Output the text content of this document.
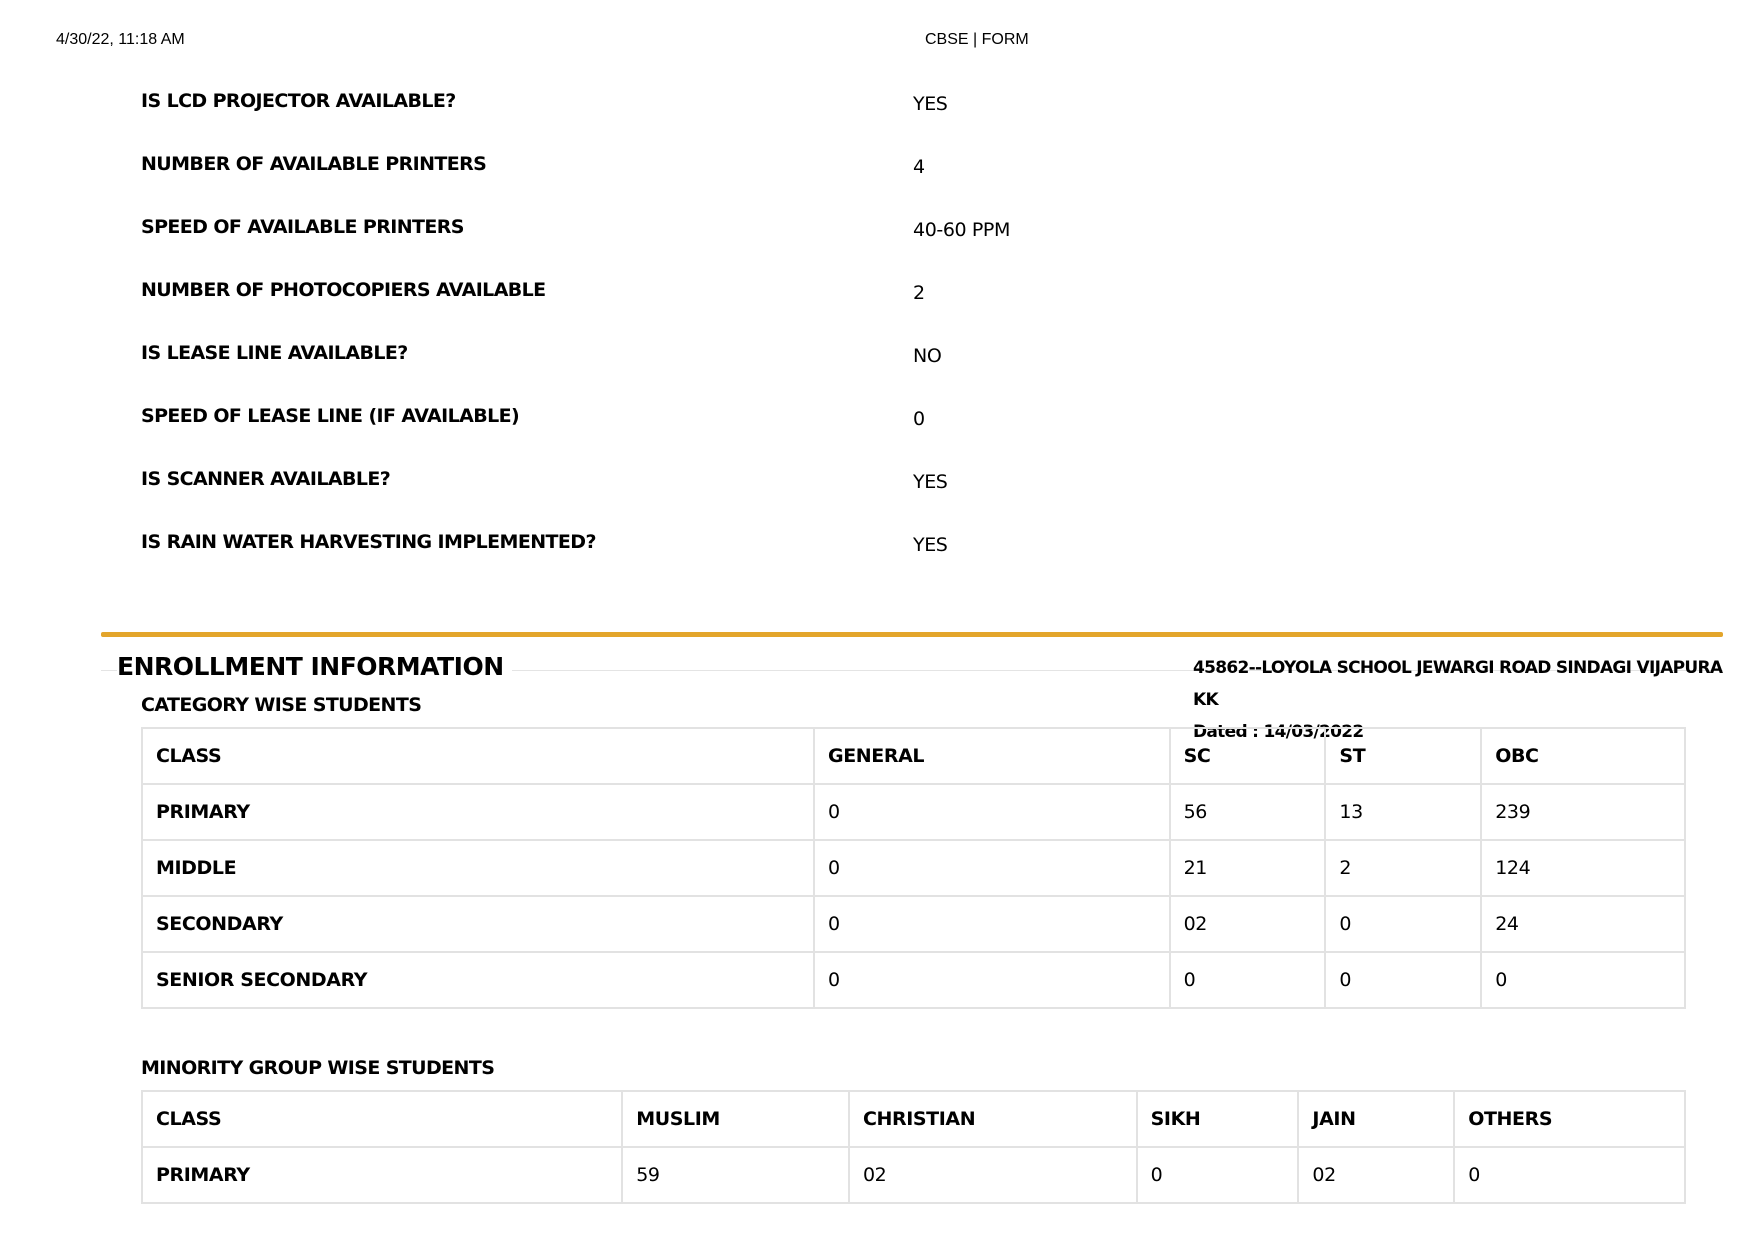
4/30/22, 11:18 AM	CBSE | FORM
IS LCD PROJECTOR AVAILABLE?	YES
NUMBER OF AVAILABLE PRINTERS	4
SPEED OF AVAILABLE PRINTERS	40-60 PPM
NUMBER OF PHOTOCOPIERS AVAILABLE	2
IS LEASE LINE AVAILABLE?	NO
SPEED OF LEASE LINE (IF AVAILABLE)	0
IS SCANNER AVAILABLE?	YES
IS RAIN WATER HARVESTING IMPLEMENTED?	YES
ENROLLMENT INFORMATION	45862--LOYOLA SCHOOL JEWARGI ROAD SINDAGI VIJAPURA KK
Dated : 14/03/2022
CATEGORY WISE STUDENTS
CLASS	GENERAL	SC	ST	OBC
PRIMARY	0	56	13	239
MIDDLE	0	21	2	124
SECONDARY	0	02	0	24
SENIOR SECONDARY	0	0	0	0
MINORITY GROUP WISE STUDENTS
CLASS	MUSLIM	CHRISTIAN	SIKH	JAIN	OTHERS
PRIMARY	59	02	0	02	0
